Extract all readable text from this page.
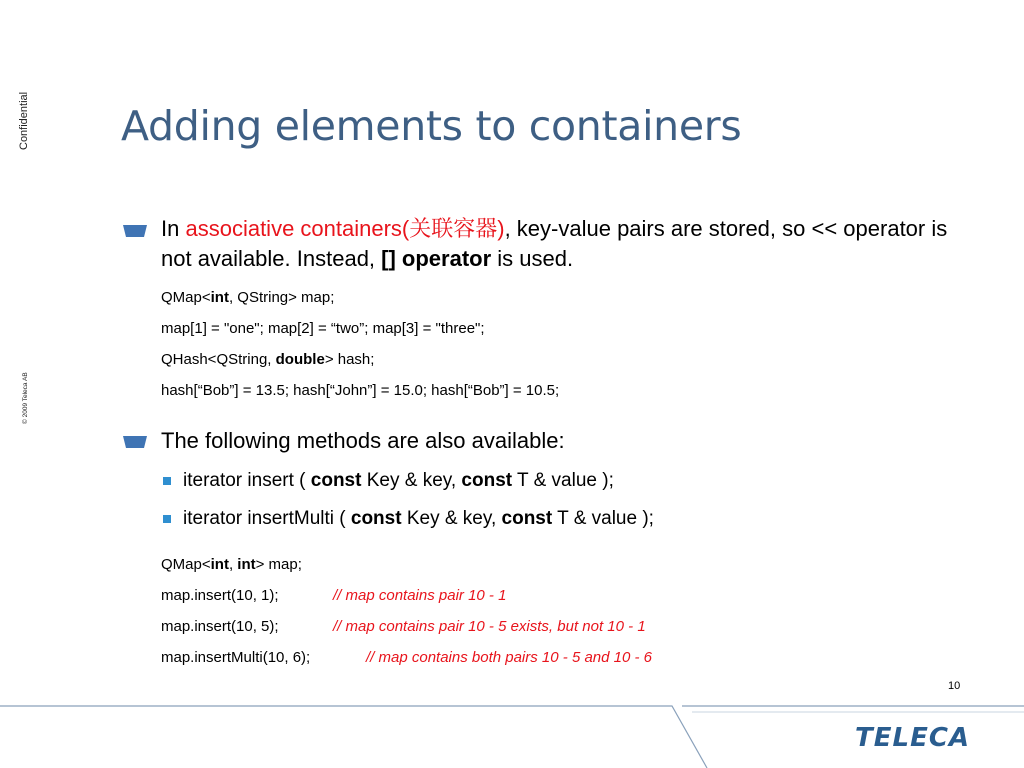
Confidential
© 2009 Teleca AB
Adding elements to containers
In associative containers(关联容器), key-value pairs are stored, so << operator is not available. Instead, [] operator is used.
QMap<int, QString> map;
map[1] = "one"; map[2] = “two”; map[3] = "three";
QHash<QString, double> hash;
hash[“Bob”] = 13.5; hash[“John”] = 15.0; hash[“Bob”] = 10.5;
The following methods are also available:
iterator insert ( const Key & key, const T & value );
iterator insertMulti ( const Key & key, const T & value );
QMap<int, int> map;
map.insert(10, 1);	// map contains pair 10 - 1
map.insert(10, 5);	// map contains pair 10 - 5 exists, but not 10 - 1
map.insertMulti(10, 6);	// map contains both pairs 10 - 5 and 10 - 6
10
TELECA
